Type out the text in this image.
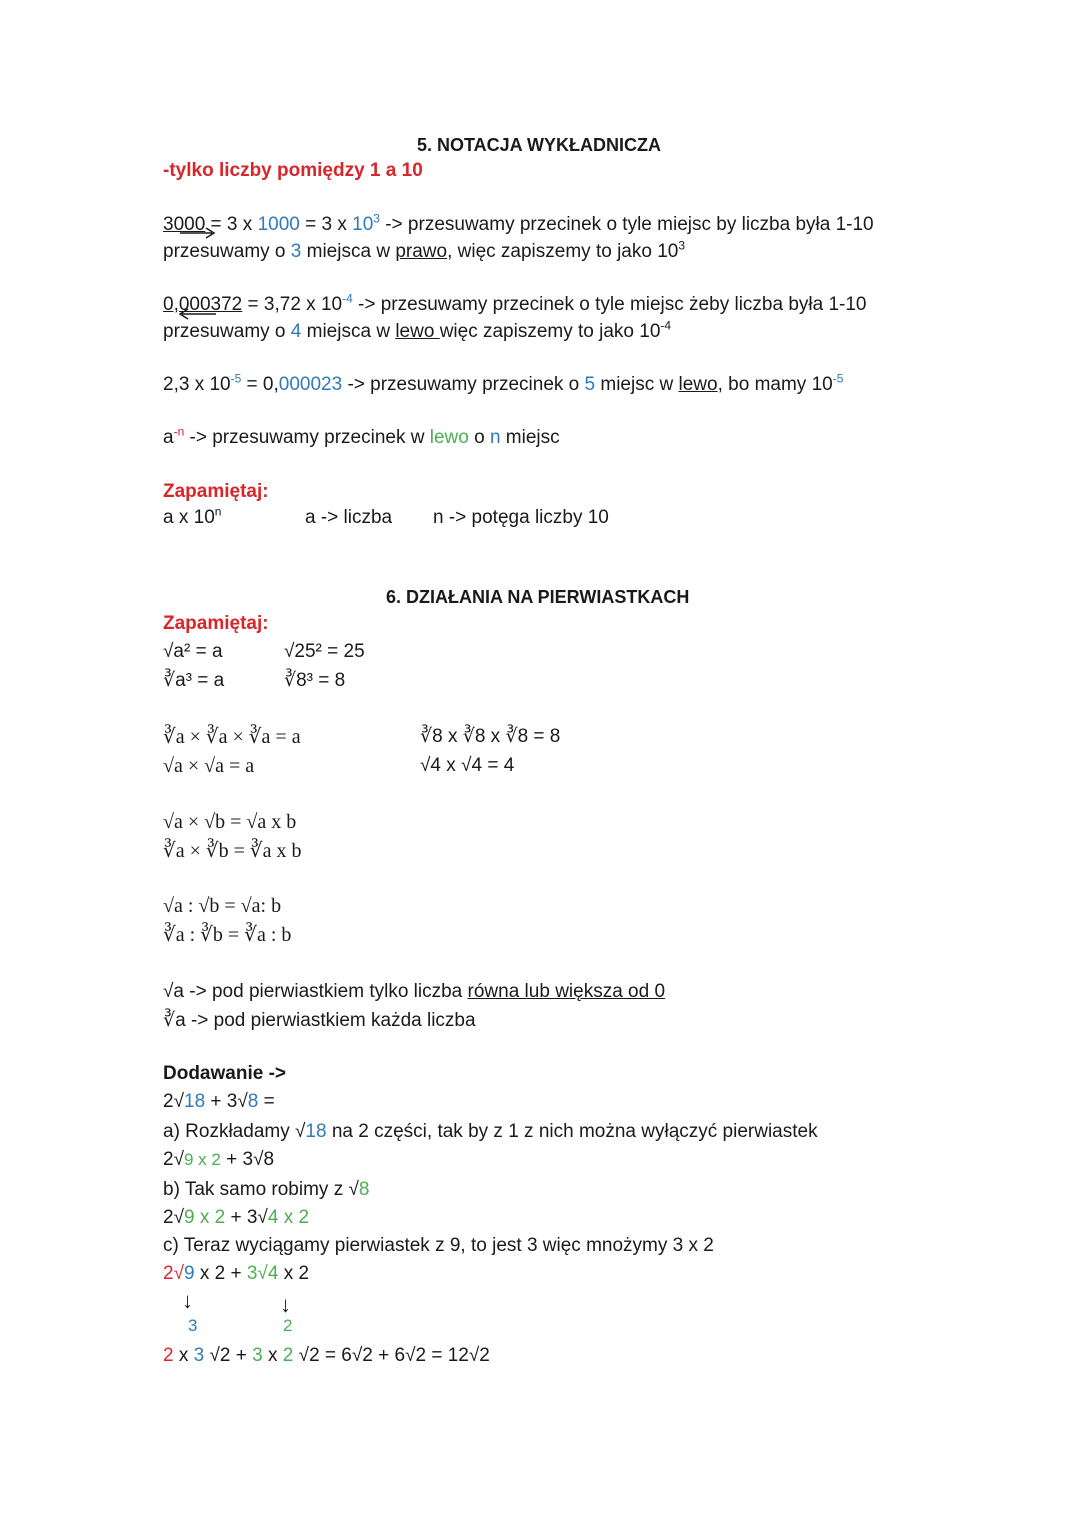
5. NOTACJA WYKŁADNICZA
-tylko liczby pomiędzy 1 a 10
3000 = 3 x 1000 = 3 x $10^3$ -> przesuwamy przecinek o tyle miejsc by liczba była 1-10
przesuwamy o 3 miejsca w prawo, więc zapiszemy to jako $10^3$
0,000372 = 3,72 x $10^{-4}$ -> przesuwamy przecinek o tyle miejsc żeby liczba była 1-10
przesuwamy o 4 miejsca w lewo więc zapiszemy to jako $10^{-4}$
2,3 x $10^{-5} = 0,000023$ -> przesuwamy przecinek o 5 miejsc w lewo, bo mamy $10^{-5}$
$a^{-n}$ -> przesuwamy przecinek w lewo o n miejsc
Zapamiętaj:
a x 10$^n$	a -> liczba n -> potęga liczby 10
6. DZIAŁANIA NA PIERWIASTKACH
Zapamiętaj:
√a² = a	√25² = 25
∛a³ = a	∛8³ = 8
∛a × ∛a × ∛a = a	∛8 x ∛8 x ∛8 = 8
√a × √a = a	√4 x √4 = 4
√a × √b = √a x b
∛a × ∛b = ∛a x b
√a : √b = √a: b
∛a : ∛b = ∛a : b
√a -> pod pierwiastkiem tylko liczba równa lub większa od 0
∛a -> pod pierwiastkiem każda liczba
Dodawanie ->
2√18 + 3√8 =
a) Rozkładamy √18 na 2 części, tak by z 1 z nich można wyłączyć pierwiastek
2√9 x 2 + 3√8
b) Tak samo robimy z √8
2√9 x 2 + 3√4 x 2
c) Teraz wyciągamy pierwiastek z 9, to jest 3 więc mnożymy 3 x 2
2√9 x 2 + 3√4 x 2
↓	↓
3	2
2 x 3 √2 + 3 x 2 √2 = 6√2 + 6√2 = 12√2
